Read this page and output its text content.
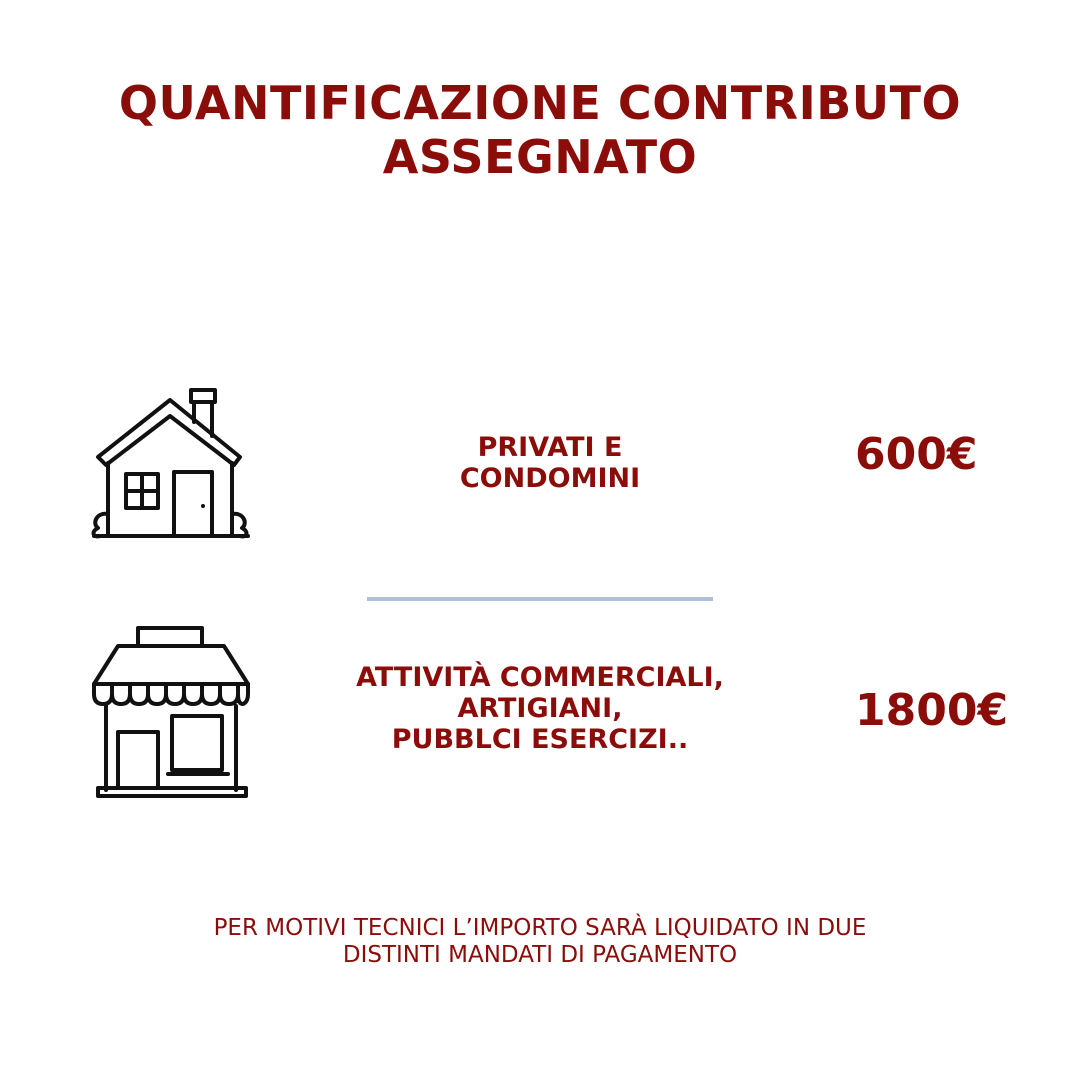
QUANTIFICAZIONE CONTRIBUTO
ASSEGNATO
PRIVATI E
CONDOMINI	600€
ATTIVITÀ COMMERCIALI,
ARTIGIANI,
PUBBLCI ESERCIZI..
1800€
PER MOTIVI TECNICI L’IMPORTO SARÀ LIQUIDATO IN DUE
DISTINTI MANDATI DI PAGAMENTO
